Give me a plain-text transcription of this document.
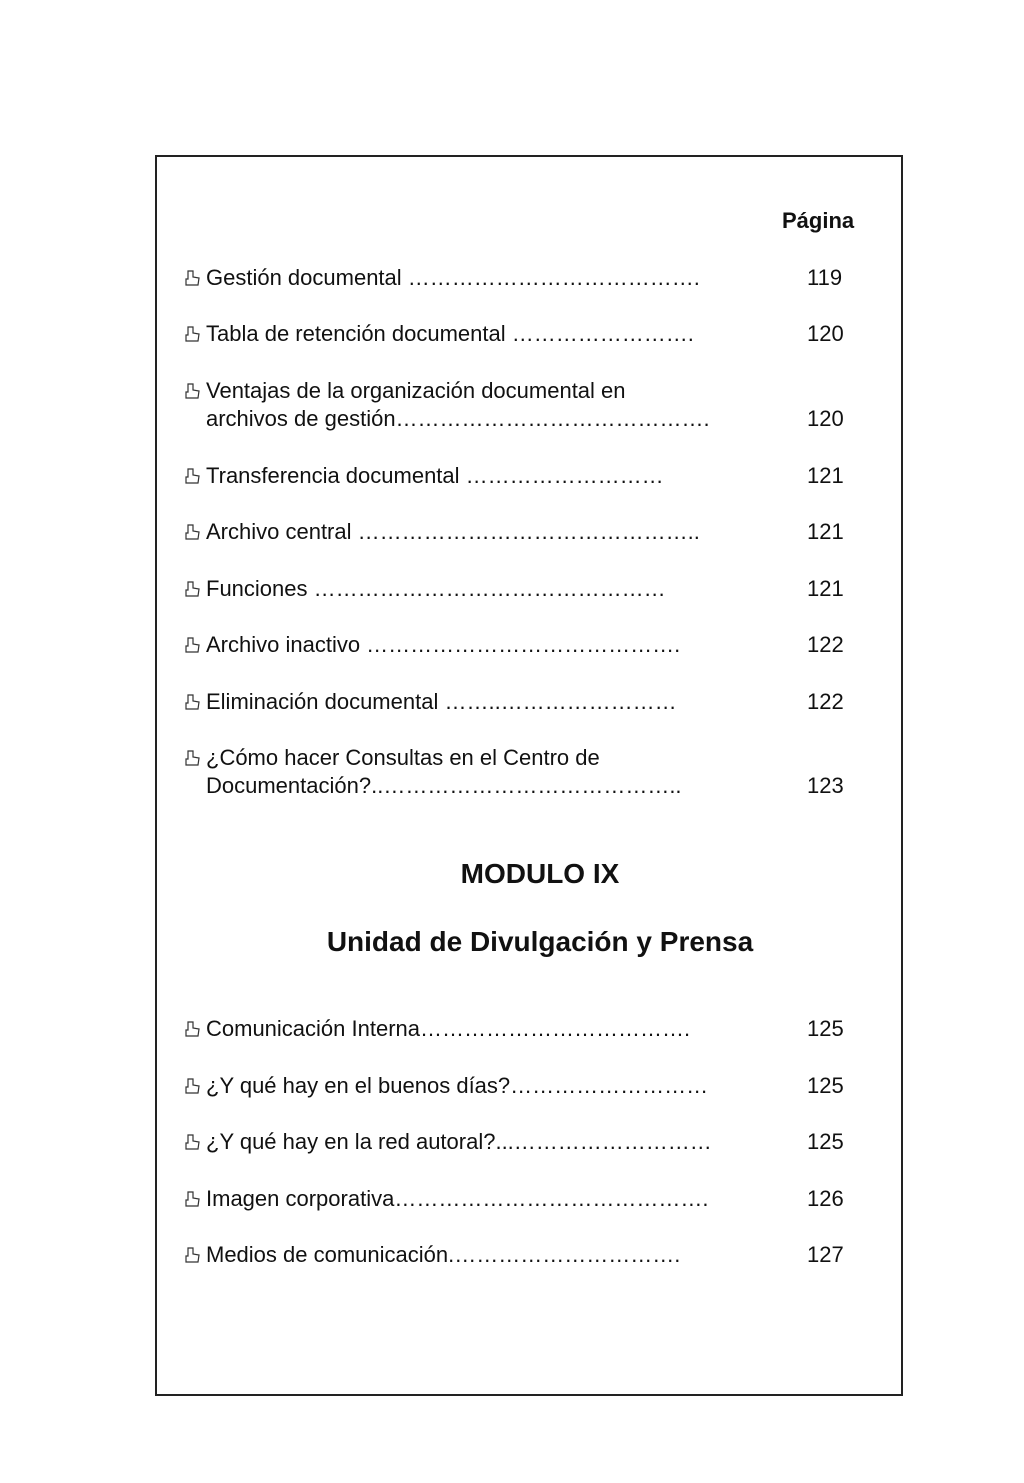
Página
Gestión documental ………………………………….	119
Tabla de retención documental …………………….	120
Ventajas de la organización documental en
archivos de gestión…………………………………….	120
Transferencia documental ………………………	121
Archivo central ………………………………………..	121
Funciones …………………………………………	121
Archivo inactivo …………………………………….	122
Eliminación documental ……..……………………	122
¿Cómo hacer Consultas en el Centro de
Documentación?..…………………………………..	123
MODULO IX
Unidad de Divulgación y Prensa
Comunicación Interna……………………………….	125
¿Y qué hay en el buenos días?………………………	125
¿Y qué hay en la red autoral?...………………………	125
Imagen corporativa…………………………………….	126
Medios de comunicación.………………………….	127
